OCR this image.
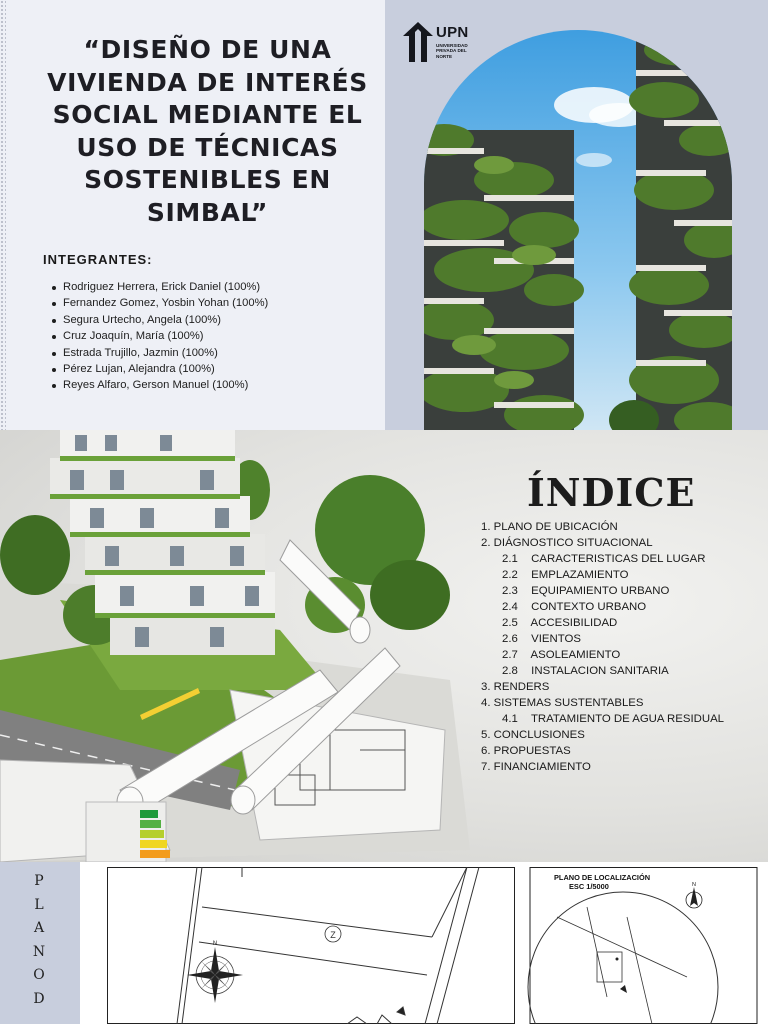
“DISEÑO DE UNA VIVIENDA DE INTERÉS SOCIAL MEDIANTE EL USO DE TÉCNICAS SOSTENIBLES EN SIMBAL”
INTEGRANTES:
Rodriguez Herrera, Erick Daniel (100%)
Fernandez Gomez, Yosbin Yohan (100%)
Segura Urtecho, Angela (100%)
Cruz Joaquín, María (100%)
Estrada Trujillo, Jazmin (100%)
Pérez Lujan, Alejandra (100%)
Reyes Alfaro, Gerson Manuel (100%)
UPN
UNIVERSIDAD PRIVADA DEL NORTE
ÍNDICE
1. PLANO DE UBICACIÓN
2. DIÁGNOSTICO SITUACIONAL
2.1 CARACTERISTICAS DEL LUGAR
2.2 EMPLAZAMIENTO
2.3 EQUIPAMIENTO URBANO
2.4 CONTEXTO URBANO
2.5 ACCESIBILIDAD
2.6 VIENTOS
2.7 ASOLEAMIENTO
2.8 INSTALACION SANITARIA
3. RENDERS
4. SISTEMAS SUSTENTABLES
4.1 TRATAMIENTO DE AGUA RESIDUAL
5. CONCLUSIONES
6. PROPUESTAS
7. FINANCIAMIENTO
P
L
A
N
O
D
Z
N
N
PLANO DE LOCALIZACIÓN
ESC 1/5000
